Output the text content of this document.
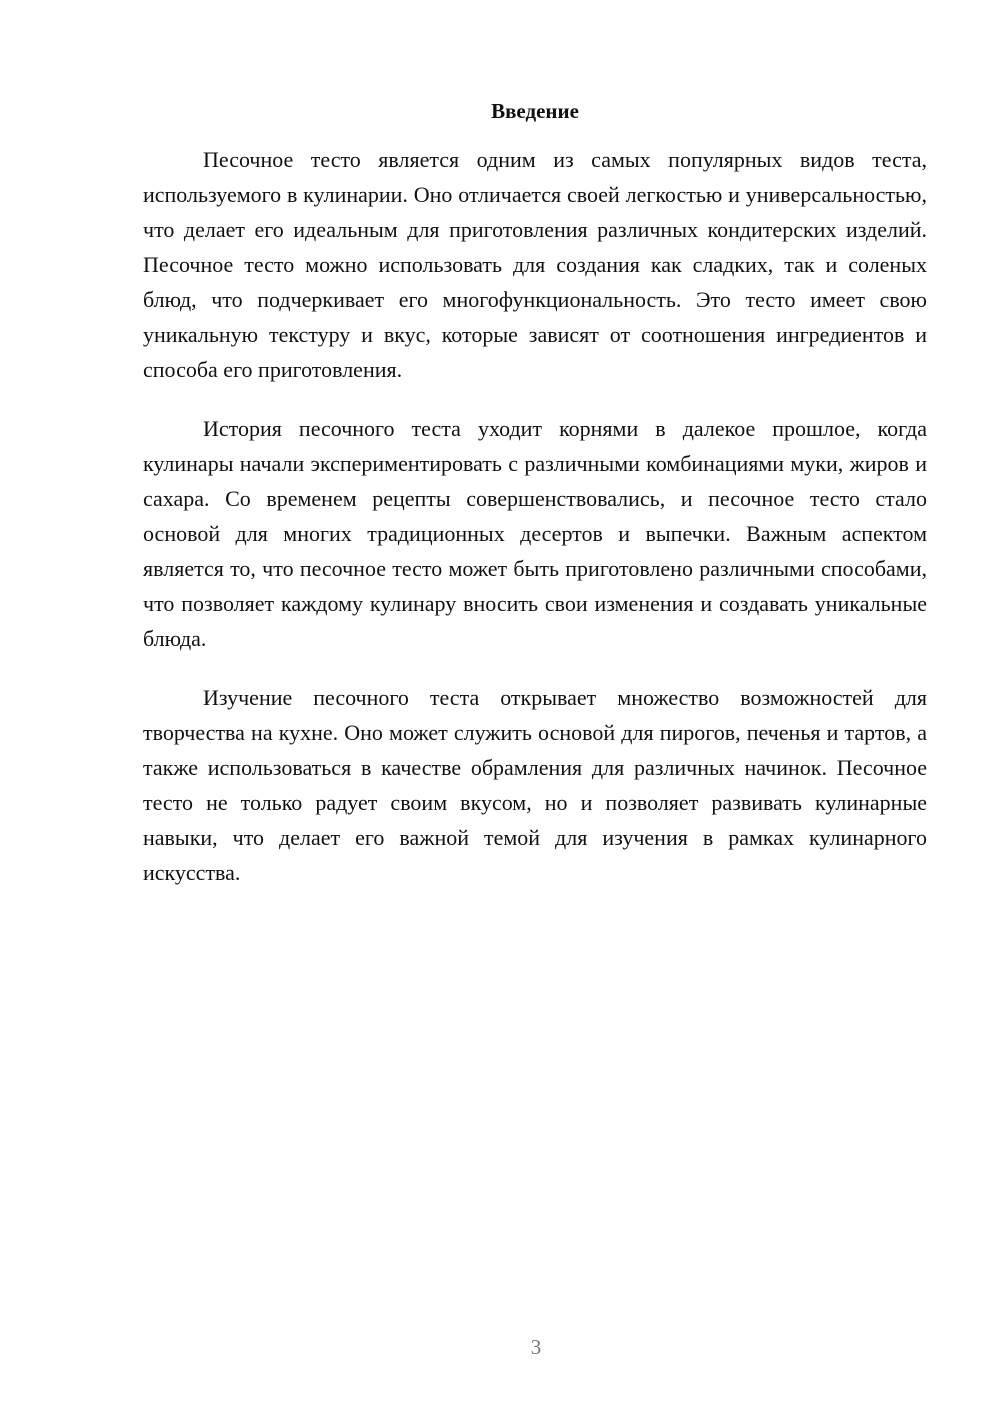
Введение

Песочное тесто является одним из самых популярных видов теста, используемого в кулинарии. Оно отличается своей легкостью и универсальностью, что делает его идеальным для приготовления различных кондитерских изделий. Песочное тесто можно использовать для создания как сладких, так и соленых блюд, что подчеркивает его многофункциональность. Это тесто имеет свою уникальную текстуру и вкус, которые зависят от соотношения ингредиентов и способа его приготовления.

История песочного теста уходит корнями в далекое прошлое, когда кулинары начали экспериментировать с различными комбинациями муки, жиров и сахара. Со временем рецепты совершенствовались, и песочное тесто стало основой для многих традиционных десертов и выпечки. Важным аспектом является то, что песочное тесто может быть приготовлено различными способами, что позволяет каждому кулинару вносить свои изменения и создавать уникальные блюда.

Изучение песочного теста открывает множество возможностей для творчества на кухне. Оно может служить основой для пирогов, печенья и тартов, а также использоваться в качестве обрамления для различных начинок. Песочное тесто не только радует своим вкусом, но и позволяет развивать кулинарные навыки, что делает его важной темой для изучения в рамках кулинарного искусства.

3
